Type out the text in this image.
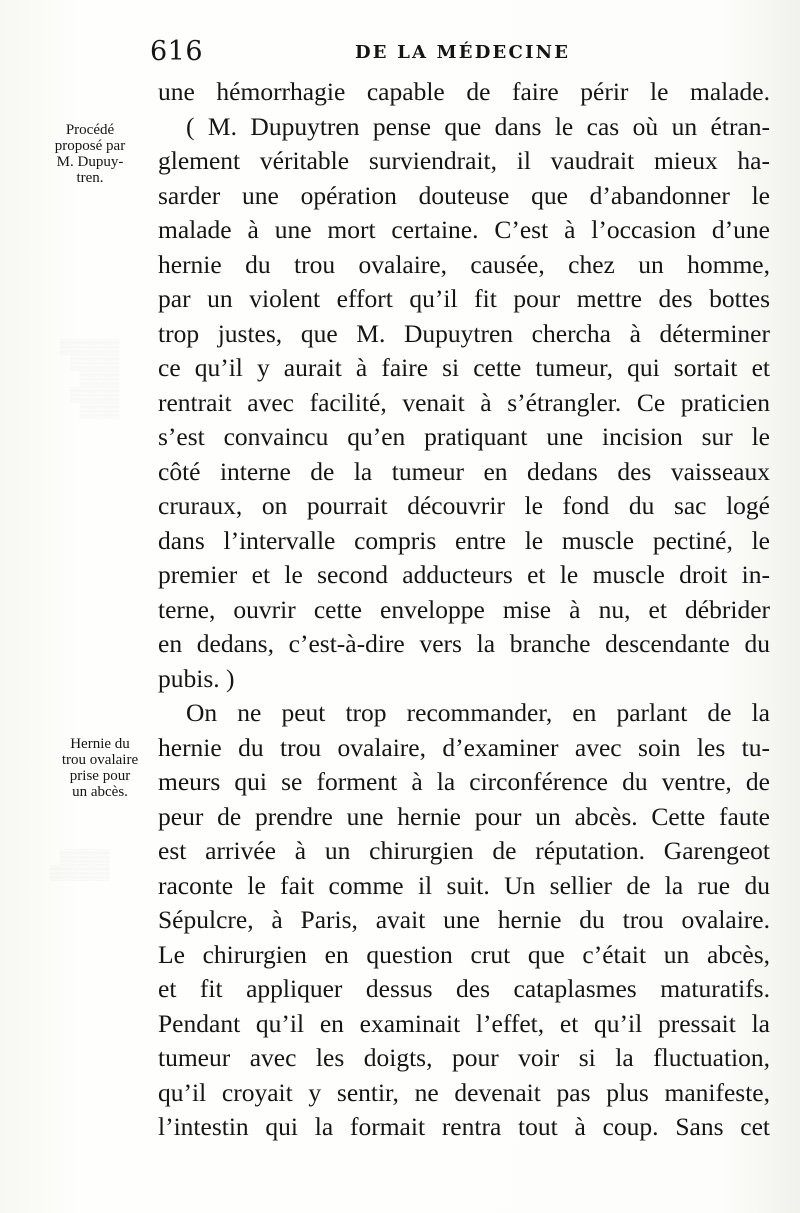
616	DE LA MÉDECINE
Procédé
proposé par
M. Dupuy-
tren.
Hernie du
trou ovalaire
prise pour
un abcès.
▒▒▒▒▒▒
▒▒▒▒▒
▒▒▒▒
▒▒▒▒▒
▒▒▒▒
▒▒▒▒▒
▒▒▒▒▒▒
une hémorrhagie capable de faire périr le malade.
( M. Dupuytren pense que dans le cas où un étran-
glement véritable surviendrait, il vaudrait mieux ha-
sarder une opération douteuse que d’abandonner le
malade à une mort certaine. C’est à l’occasion d’une
hernie du trou ovalaire, causée, chez un homme,
par un violent effort qu’il fit pour mettre des bottes
trop justes, que M. Dupuytren chercha à déterminer
ce qu’il y aurait à faire si cette tumeur, qui sortait et
rentrait avec facilité, venait à s’étrangler. Ce praticien
s’est convaincu qu’en pratiquant une incision sur le
côté interne de la tumeur en dedans des vaisseaux
cruraux, on pourrait découvrir le fond du sac logé
dans l’intervalle compris entre le muscle pectiné, le
premier et le second adducteurs et le muscle droit in-
terne, ouvrir cette enveloppe mise à nu, et débrider
en dedans, c’est-à-dire vers la branche descendante du
pubis. )
On ne peut trop recommander, en parlant de la
hernie du trou ovalaire, d’examiner avec soin les tu-
meurs qui se forment à la circonférence du ventre, de
peur de prendre une hernie pour un abcès. Cette faute
est arrivée à un chirurgien de réputation. Garengeot
raconte le fait comme il suit. Un sellier de la rue du
Sépulcre, à Paris, avait une hernie du trou ovalaire.
Le chirurgien en question crut que c’était un abcès,
et fit appliquer dessus des cataplasmes maturatifs.
Pendant qu’il en examinait l’effet, et qu’il pressait la
tumeur avec les doigts, pour voir si la fluctuation,
qu’il croyait y sentir, ne devenait pas plus manifeste,
l’intestin qui la formait rentra tout à coup. Sans cet
